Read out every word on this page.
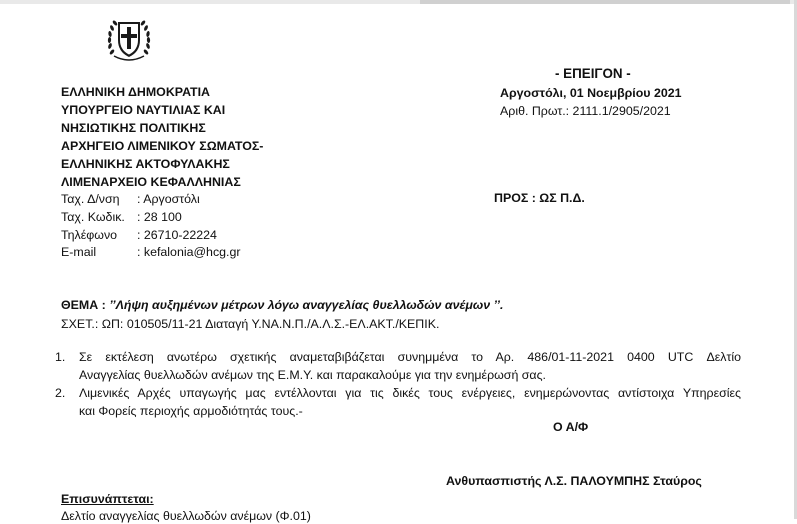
ΕΛΛΗΝΙΚΗ ΔΗΜΟΚΡΑΤΙΑ
ΥΠΟΥΡΓΕΙΟ ΝΑΥΤΙΛΙΑΣ ΚΑΙ
ΝΗΣΙΩΤΙΚΗΣ ΠΟΛΙΤΙΚΗΣ
ΑΡΧΗΓΕΙΟ ΛΙΜΕΝΙΚΟΥ ΣΩΜΑΤΟΣ-
ΕΛΛΗΝΙΚΗΣ ΑΚΤΟΦΥΛΑΚΗΣ
ΛΙΜΕΝΑΡΧΕΙΟ ΚΕΦΑΛΛΗΝΙΑΣ
Ταχ. Δ/νση : Αργοστόλι
Ταχ. Κωδικ. : 28 100
Τηλέφωνο : 26710-22224
E-mail	: kefalonia@hcg.gr
- ΕΠΕΙΓΟΝ -
Αργοστόλι, 01 Νοεμβρίου 2021
Αριθ. Πρωτ.: 2111.1/2905/2021
ΠΡΟΣ : ΩΣ Π.Δ.
ΘΕΜΑ : ’’Λήψη αυξημένων μέτρων λόγω αναγγελίας θυελλωδών ανέμων ’’.
ΣΧΕΤ.: ΩΠ: 010505/11-21 Διαταγή Υ.ΝΑ.Ν.Π./Α.Λ.Σ.-ΕΛ.ΑΚΤ./ΚΕΠΙΚ.
1. Σε εκτέλεση ανωτέρω σχετικής αναμεταβιβάζεται συνημμένα το Αρ. 486/01-11-2021 0400 UTC Δελτίο
Αναγγελίας θυελλωδών ανέμων της Ε.Μ.Υ. και παρακαλούμε για την ενημέρωσή σας.
2. Λιμενικές Αρχές υπαγωγής μας εντέλλονται για τις δικές τους ενέργειες, ενημερώνοντας αντίστοιχα Υπηρεσίες
και Φορείς περιοχής αρμοδιότητάς τους.-
Ο Α/Φ
Ανθυπασπιστής Λ.Σ. ΠΑΛΟΥΜΠΗΣ Σταύρος
Επισυνάπτεται:
Δελτίο αναγγελίας θυελλωδών ανέμων (Φ.01)
